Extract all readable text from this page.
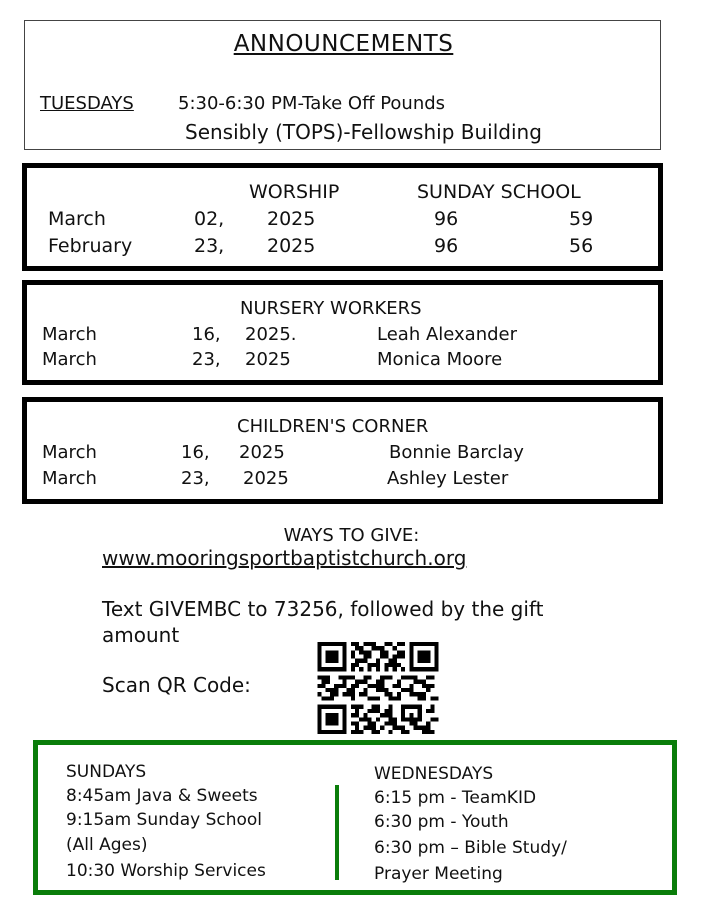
ANNOUNCEMENTS
TUESDAYS 5:30-6:30 PM-Take Off Pounds
Sensibly (TOPS)-Fellowship Building
WORSHIP	SUNDAY SCHOOL
March	02, 2025	96	59
February	23, 2025	96	56
NURSERY WORKERS
March	16, 2025.	Leah Alexander
March	23, 2025	Monica Moore
CHILDREN'S CORNER
March	16, 2025	Bonnie Barclay
March	23, 2025	Ashley Lester
WAYS TO GIVE:
www.mooringsportbaptistchurch.org
Text GIVEMBC to 73256, followed by the gift
amount
Scan QR Code:
SUNDAYS
8:45am Java & Sweets
9:15am Sunday School
(All Ages)
10:30 Worship Services
WEDNESDAYS
6:15 pm - TeamKID
6:30 pm - Youth
6:30 pm – Bible Study/
Prayer Meeting
